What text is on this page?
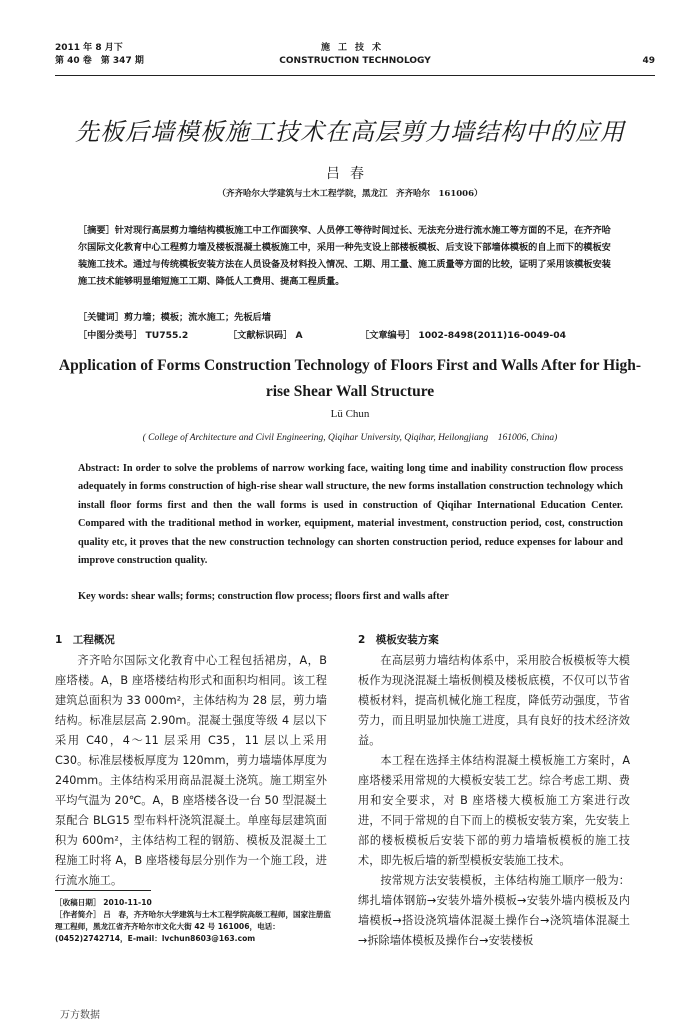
2011 年 8 月下
第 40 卷　第 347 期
施工技术
CONSTRUCTION TECHNOLOGY	49
先板后墙模板施工技术在高层剪力墙结构中的应用
吕春
（齐齐哈尔大学建筑与土木工程学院，黑龙江　齐齐哈尔　161006）
［摘要］针对现行高层剪力墙结构模板施工中工作面狭窄、人员停工等待时间过长、无法充分进行流水施工等方面的不足，在齐齐哈尔国际文化教育中心工程剪力墙及楼板混凝土模板施工中，采用一种先支设上部楼板模板、后支设下部墙体模板的自上而下的模板安装施工技术。通过与传统模板安装方法在人员设备及材料投入情况、工期、用工量、施工质量等方面的比较，证明了采用该模板安装施工技术能够明显缩短施工工期、降低人工费用、提高工程质量。
［关键词］剪力墙；模板；流水施工；先板后墙
［中图分类号］ TU755.2	［文献标识码］ A	［文章编号］ 1002-8498(2011)16-0049-04
Application of Forms Construction Technology of Floors First and Walls After for High-rise Shear Wall Structure
Lü Chun
( College of Architecture and Civil Engineering, Qiqihar University, Qiqihar, Heilongjiang　161006, China)
Abstract: In order to solve the problems of narrow working face, waiting long time and inability construction flow process adequately in forms construction of high-rise shear wall structure, the new forms installation construction technology which install floor forms first and then the wall forms is used in construction of Qiqihar International Education Center. Compared with the traditional method in worker, equipment, material investment, construction period, cost, construction quality etc, it proves that the new construction technology can shorten construction period, reduce expenses for labour and improve construction quality.
Key words: shear walls; forms; construction flow process; floors first and walls after
1　工程概况

齐齐哈尔国际文化教育中心工程包括裙房，A，B 座塔楼。A，B 座塔楼结构形式和面积均相同。该工程建筑总面积为 33 000m²，主体结构为 28 层，剪力墙结构。标准层层高 2.90m。混凝土强度等级 4 层以下采用 C40，4～11 层采用 C35，11 层以上采用 C30。标准层楼板厚度为 120mm，剪力墙墙体厚度为 240mm。主体结构采用商品混凝土浇筑。施工期室外平均气温为 20℃。A，B 座塔楼各设一台 50 型混凝土泵配合 BLG15 型布料杆浇筑混凝土。单座每层建筑面积为 600m²，主体结构工程的钢筋、模板及混凝土工程施工时将 A，B 座塔楼每层分别作为一个施工段，进行流水施工。

2　模板安装方案

在高层剪力墙结构体系中，采用胶合板模板等大模板作为现浇混凝土墙板侧模及楼板底模，不仅可以节省模板材料，提高机械化施工程度，降低劳动强度，节省劳力，而且明显加快施工进度，具有良好的技术经济效益。

本工程在选择主体结构混凝土模板施工方案时，A 座塔楼采用常规的大模板安装工艺。综合考虑工期、费用和安全要求，对 B 座塔楼大模板施工方案进行改进，不同于常规的自下而上的模板安装方案，先安装上部的楼板模板后安装下部的剪力墙墙板模板的施工技术，即先板后墙的新型模板安装施工技术。

按常规方法安装模板，主体结构施工顺序一般为：绑扎墙体钢筋→安装外墙外模板→安装外墙内模板及内墙模板→搭设浇筑墙体混凝土操作台→浇筑墙体混凝土→拆除墙体模板及操作台→安装楼板

［收稿日期］ 2010-11-10
［作者简介］ 吕　春，齐齐哈尔大学建筑与土木工程学院高级工程师，国家注册监理工程师，黑龙江省齐齐哈尔市文化大街 42 号 161006，电话：(0452)2742714，E-mail：lvchun8603@163.com
万方数据
